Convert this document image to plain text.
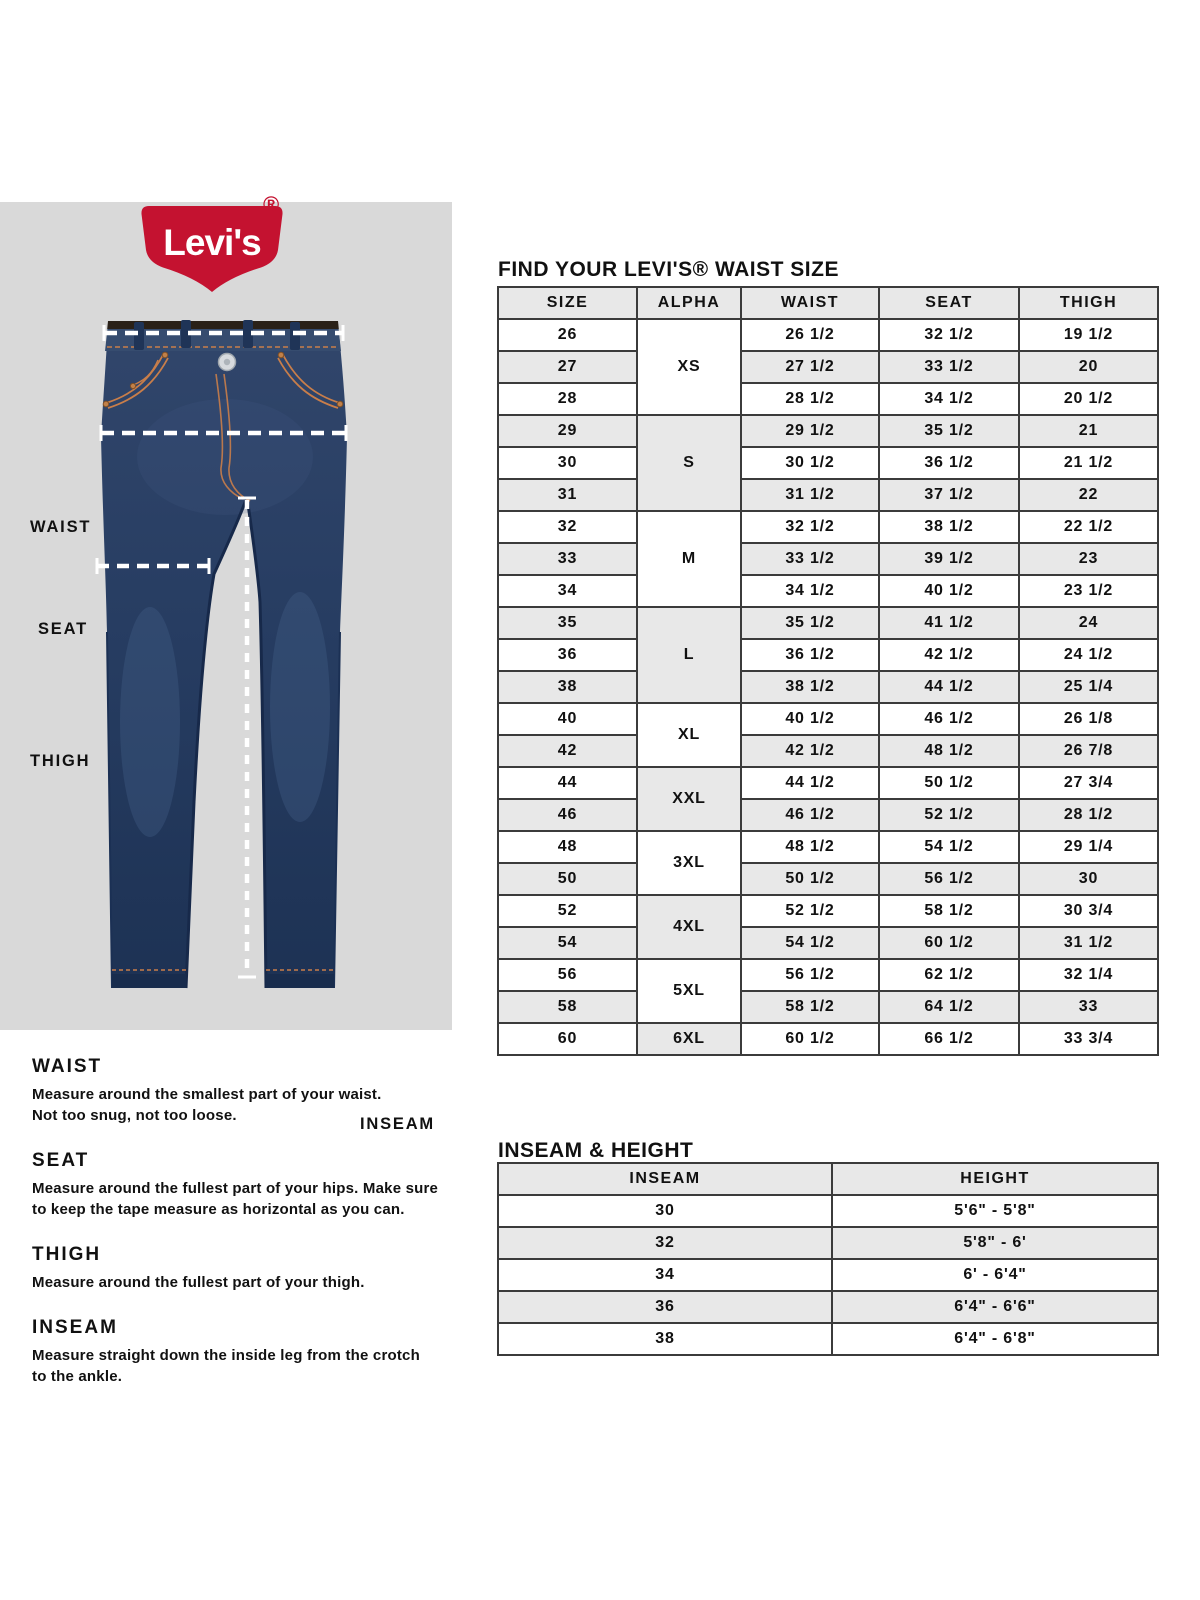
Levi's
®
WAIST
SEAT
THIGH
INSEAM
WAIST

Measure around the smallest part of your waist.
Not too snug, not too loose.

SEAT

Measure around the fullest part of your hips. Make sure
to keep the tape measure as horizontal as you can.

THIGH

Measure around the fullest part of your thigh.

INSEAM

Measure straight down the inside leg from the crotch
to the ankle.

FIND YOUR LEVI'S® WAIST SIZE
SIZE	ALPHA	WAIST	SEAT	THIGH
26	XS	26 1/2	32 1/2	19 1/2
27		27 1/2	33 1/2	20
28		28 1/2	34 1/2	20 1/2
29	S	29 1/2	35 1/2	21
30		30 1/2	36 1/2	21 1/2
31		31 1/2	37 1/2	22
32	M	32 1/2	38 1/2	22 1/2
33		33 1/2	39 1/2	23
34		34 1/2	40 1/2	23 1/2
35	L	35 1/2	41 1/2	24
36		36 1/2	42 1/2	24 1/2
38		38 1/2	44 1/2	25 1/4
40	XL	40 1/2	46 1/2	26 1/8
42		42 1/2	48 1/2	26 7/8
44	XXL	44 1/2	50 1/2	27 3/4
46		46 1/2	52 1/2	28 1/2
48	3XL	48 1/2	54 1/2	29 1/4
50		50 1/2	56 1/2	30
52	4XL	52 1/2	58 1/2	30 3/4
54		54 1/2	60 1/2	31 1/2
56	5XL	56 1/2	62 1/2	32 1/4
58		58 1/2	64 1/2	33
60	6XL	60 1/2	66 1/2	33 3/4
INSEAM & HEIGHT
INSEAM	HEIGHT
30	5'6" - 5'8"
32	5'8" - 6'
34	6' - 6'4"
36	6'4" - 6'6"
38	6'4" - 6'8"
